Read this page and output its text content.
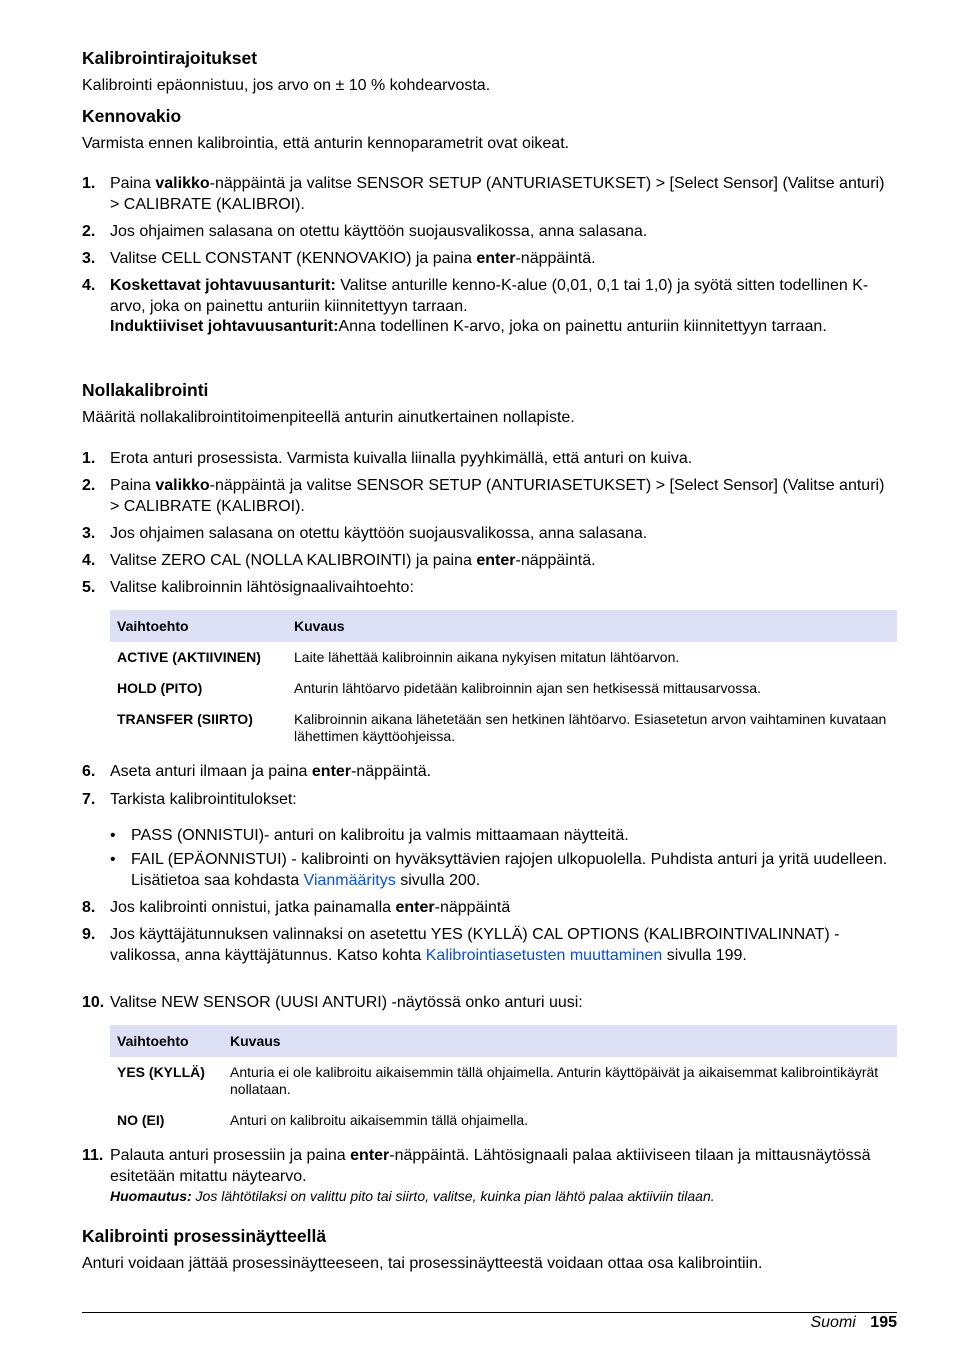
Kalibrointirajoitukset

Kalibrointi epäonnistuu, jos arvo on ± 10 % kohdearvosta.

Kennovakio

Varmista ennen kalibrointia, että anturin kennoparametrit ovat oikeat.

1. Paina valikko-näppäintä ja valitse SENSOR SETUP (ANTURIASETUKSET) > [Select Sensor] (Valitse anturi) > CALIBRATE (KALIBROI).
2. Jos ohjaimen salasana on otettu käyttöön suojausvalikossa, anna salasana.
3. Valitse CELL CONSTANT (KENNOVAKIO) ja paina enter-näppäintä.
4. Koskettavat johtavuusanturit: Valitse anturille kenno-K-alue (0,01, 0,1 tai 1,0) ja syötä sitten todellinen K-arvo, joka on painettu anturiin kiinnitettyyn tarraan.
Induktiiviset johtavuusanturit:Anna todellinen K-arvo, joka on painettu anturiin kiinnitettyyn tarraan.
Nollakalibrointi

Määritä nollakalibrointitoimenpiteellä anturin ainutkertainen nollapiste.

1. Erota anturi prosessista. Varmista kuivalla liinalla pyyhkimällä, että anturi on kuiva.
2. Paina valikko-näppäintä ja valitse SENSOR SETUP (ANTURIASETUKSET) > [Select Sensor] (Valitse anturi) > CALIBRATE (KALIBROI).
3. Jos ohjaimen salasana on otettu käyttöön suojausvalikossa, anna salasana.
4. Valitse ZERO CAL (NOLLA KALIBROINTI) ja paina enter-näppäintä.
5. Valitse kalibroinnin lähtösignaalivaihtoehto:
Vaihtoehto	Kuvaus
ACTIVE (AKTIIVINEN)	Laite lähettää kalibroinnin aikana nykyisen mitatun lähtöarvon.
HOLD (PITO)	Anturin lähtöarvo pidetään kalibroinnin ajan sen hetkisessä mittausarvossa.
TRANSFER (SIIRTO)	Kalibroinnin aikana lähetetään sen hetkinen lähtöarvo. Esiasetetun arvon vaihtaminen kuvataan lähettimen käyttöohjeissa.
6. Aseta anturi ilmaan ja paina enter-näppäintä.
7. Tarkista kalibrointitulokset:
• PASS (ONNISTUI)- anturi on kalibroitu ja valmis mittaamaan näytteitä.
• FAIL (EPÄONNISTUI) - kalibrointi on hyväksyttävien rajojen ulkopuolella. Puhdista anturi ja yritä uudelleen. Lisätietoa saa kohdasta Vianmääritys sivulla 200.
8. Jos kalibrointi onnistui, jatka painamalla enter-näppäintä
9. Jos käyttäjätunnuksen valinnaksi on asetettu YES (KYLLÄ) CAL OPTIONS (KALIBROINTIVALINNAT) -valikossa, anna käyttäjätunnus. Katso kohta Kalibrointiasetusten muuttaminen sivulla 199.
10. Valitse NEW SENSOR (UUSI ANTURI) -näytössä onko anturi uusi:
Vaihtoehto	Kuvaus
YES (KYLLÄ)	Anturia ei ole kalibroitu aikaisemmin tällä ohjaimella. Anturin käyttöpäivät ja aikaisemmat kalibrointikäyrät nollataan.
NO (EI)	Anturi on kalibroitu aikaisemmin tällä ohjaimella.
11. Palauta anturi prosessiin ja paina enter-näppäintä. Lähtösignaali palaa aktiiviseen tilaan ja mittausnäytössä esitetään mitattu näytearvo.
Huomautus: Jos lähtötilaksi on valittu pito tai siirto, valitse, kuinka pian lähtö palaa aktiiviin tilaan.
Kalibrointi prosessinäytteellä

Anturi voidaan jättää prosessinäytteeseen, tai prosessinäytteestä voidaan ottaa osa kalibrointiin.

Suomi 195
